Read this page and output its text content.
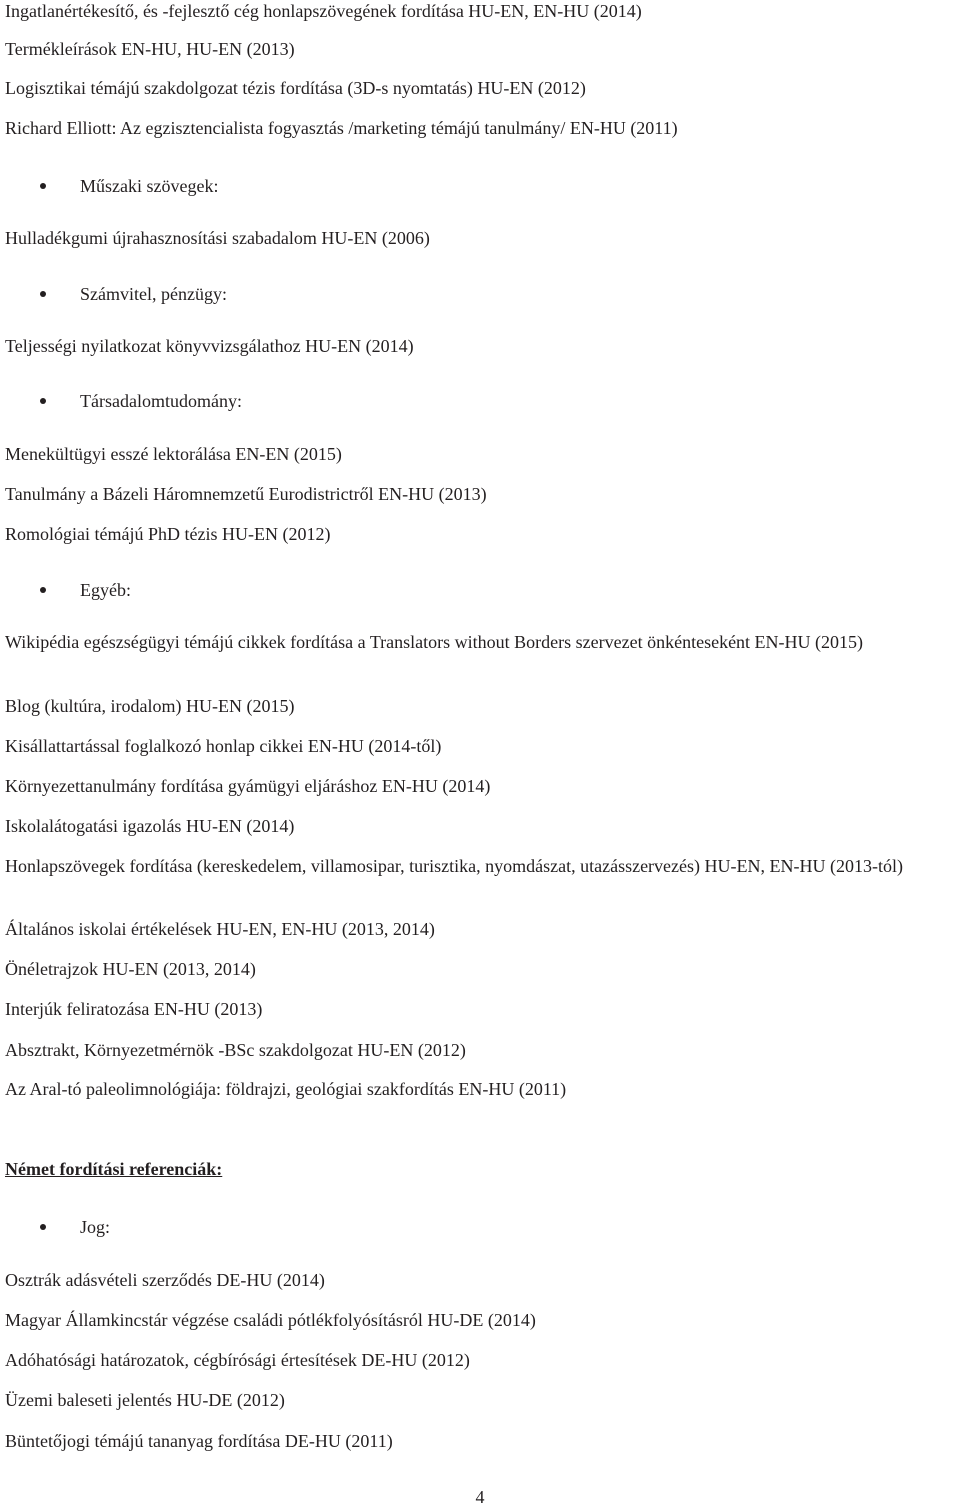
Ingatlanértékesítő, és -fejlesztő cég honlapszövegének fordítása HU-EN, EN-HU (2014)
Termékleírások EN-HU, HU-EN (2013)
Logisztikai témájú szakdolgozat tézis fordítása (3D-s nyomtatás) HU-EN (2012)
Richard Elliott: Az egzisztencialista fogyasztás /marketing témájú tanulmány/ EN-HU (2011)
Műszaki szövegek:
Hulladékgumi újrahasznosítási szabadalom HU-EN (2006)
Számvitel, pénzügy:
Teljességi nyilatkozat könyvvizsgálathoz HU-EN (2014)
Társadalomtudomány:
Menekültügyi esszé lektorálása EN-EN (2015)
Tanulmány a Bázeli Háromnemzetű Eurodistrictről EN-HU (2013)
Romológiai témájú PhD tézis HU-EN (2012)
Egyéb:
Wikipédia egészségügyi témájú cikkek fordítása a Translators without Borders szervezet önkénteseként EN-HU (2015)
Blog (kultúra, irodalom) HU-EN (2015)
Kisállattartással foglalkozó honlap cikkei EN-HU (2014-től)
Környezettanulmány fordítása gyámügyi eljáráshoz EN-HU (2014)
Iskolalátogatási igazolás HU-EN (2014)
Honlapszövegek fordítása (kereskedelem, villamosipar, turisztika, nyomdászat, utazásszervezés) HU-EN, EN-HU (2013-tól)
Általános iskolai értékelések HU-EN, EN-HU (2013, 2014)
Önéletrajzok HU-EN (2013, 2014)
Interjúk feliratozása EN-HU (2013)
Absztrakt, Környezetmérnök -BSc szakdolgozat HU-EN (2012)
Az Aral-tó paleolimnológiája: földrajzi, geológiai szakfordítás EN-HU (2011)
Német fordítási referenciák:
Jog:
Osztrák adásvételi szerződés DE-HU (2014)
Magyar Államkincstár végzése családi pótlékfolyósításról HU-DE (2014)
Adóhatósági határozatok, cégbírósági értesítések DE-HU (2012)
Üzemi baleseti jelentés HU-DE (2012)
Büntetőjogi témájú tananyag fordítása DE-HU (2011)
4
